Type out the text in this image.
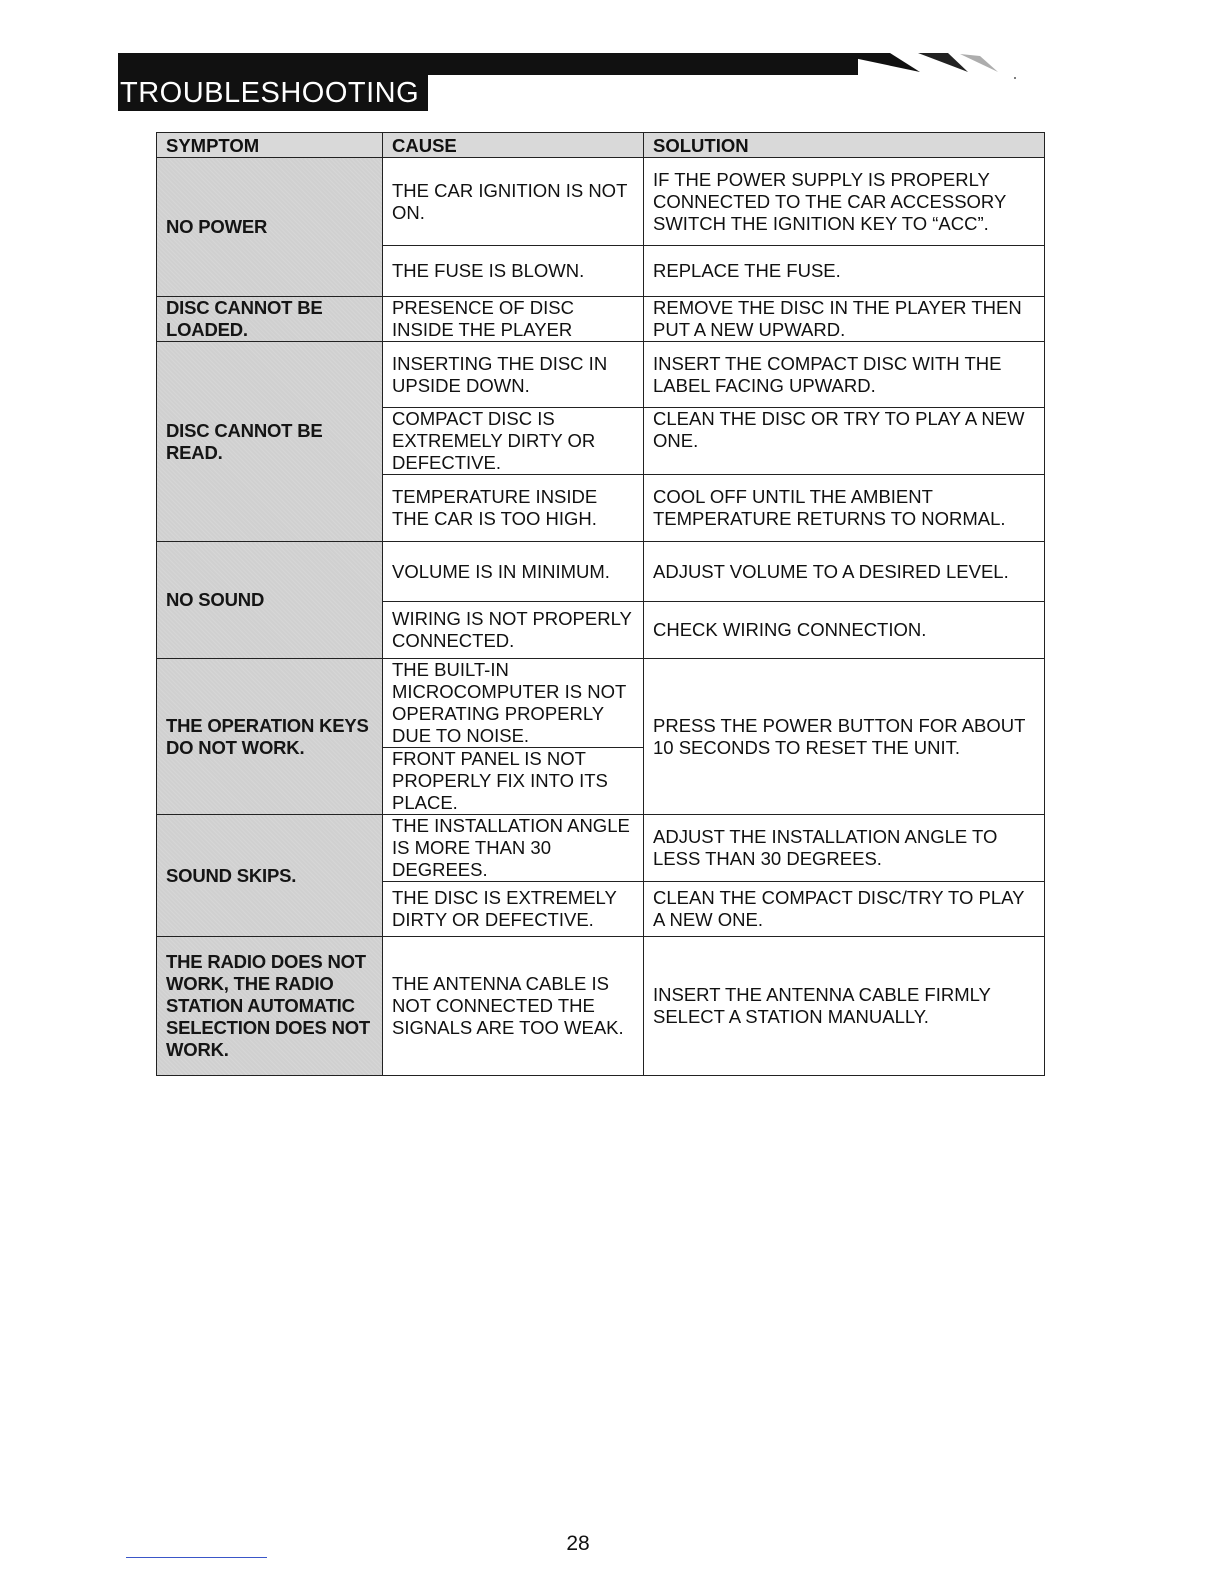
TROUBLESHOOTING
SYMPTOM	CAUSE	SOLUTION
NO POWER	THE CAR IGNITION IS NOT ON.	IF THE POWER SUPPLY IS PROPERLY CONNECTED TO THE CAR ACCESSORY SWITCH THE IGNITION KEY TO “ACC”.
	THE FUSE IS BLOWN.	REPLACE THE FUSE.
DISC CANNOT BE LOADED.	PRESENCE OF DISC INSIDE THE PLAYER	REMOVE THE DISC IN THE PLAYER THEN PUT A NEW UPWARD.
DISC CANNOT BE READ.	INSERTING THE DISC IN UPSIDE DOWN.	INSERT THE COMPACT DISC WITH THE LABEL FACING UPWARD.
	COMPACT DISC IS EXTREMELY DIRTY OR DEFECTIVE.	CLEAN THE DISC OR TRY TO PLAY A NEW ONE.
	TEMPERATURE INSIDE THE CAR IS TOO HIGH.	COOL OFF UNTIL THE AMBIENT TEMPERATURE RETURNS TO NORMAL.
NO SOUND	VOLUME IS IN MINIMUM.	ADJUST VOLUME TO A DESIRED LEVEL.
	WIRING IS NOT PROPERLY CONNECTED.	CHECK WIRING CONNECTION.
THE OPERATION KEYS DO NOT WORK.	THE BUILT-IN MICROCOMPUTER IS NOT OPERATING PROPERLY DUE TO NOISE.	PRESS THE POWER BUTTON FOR ABOUT 10 SECONDS TO RESET THE UNIT.
	FRONT PANEL IS NOT PROPERLY FIX INTO ITS PLACE.	
SOUND SKIPS.	THE INSTALLATION ANGLE IS MORE THAN 30 DEGREES.	ADJUST THE INSTALLATION ANGLE TO LESS THAN 30 DEGREES.
	THE DISC IS EXTREMELY DIRTY OR DEFECTIVE.	CLEAN THE COMPACT DISC/TRY TO PLAY A NEW ONE.
THE RADIO DOES NOT WORK, THE RADIO STATION AUTOMATIC SELECTION DOES NOT WORK.	THE ANTENNA CABLE IS NOT CONNECTED THE SIGNALS ARE TOO WEAK.	INSERT THE ANTENNA CABLE FIRMLY SELECT A STATION MANUALLY.
28
